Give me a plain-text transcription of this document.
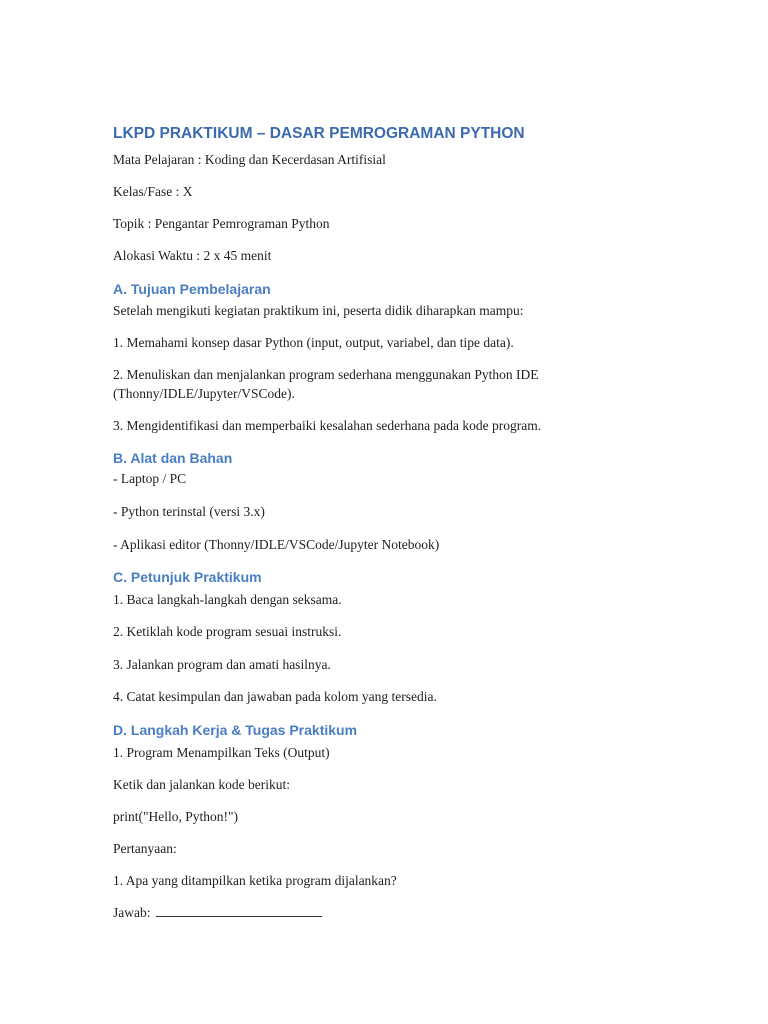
LKPD PRAKTIKUM – DASAR PEMROGRAMAN PYTHON
Mata Pelajaran : Koding dan Kecerdasan Artifisial
Kelas/Fase : X
Topik : Pengantar Pemrograman Python
Alokasi Waktu : 2 x 45 menit
A. Tujuan Pembelajaran
Setelah mengikuti kegiatan praktikum ini, peserta didik diharapkan mampu:
1. Memahami konsep dasar Python (input, output, variabel, dan tipe data).
2. Menuliskan dan menjalankan program sederhana menggunakan Python IDE
(Thonny/IDLE/Jupyter/VSCode).
3. Mengidentifikasi dan memperbaiki kesalahan sederhana pada kode program.
B. Alat dan Bahan
- Laptop / PC
- Python terinstal (versi 3.x)
- Aplikasi editor (Thonny/IDLE/VSCode/Jupyter Notebook)
C. Petunjuk Praktikum
1. Baca langkah-langkah dengan seksama.
2. Ketiklah kode program sesuai instruksi.
3. Jalankan program dan amati hasilnya.
4. Catat kesimpulan dan jawaban pada kolom yang tersedia.
D. Langkah Kerja & Tugas Praktikum
1. Program Menampilkan Teks (Output)
Ketik dan jalankan kode berikut:
print("Hello, Python!")
Pertanyaan:
1. Apa yang ditampilkan ketika program dijalankan?
Jawab:
